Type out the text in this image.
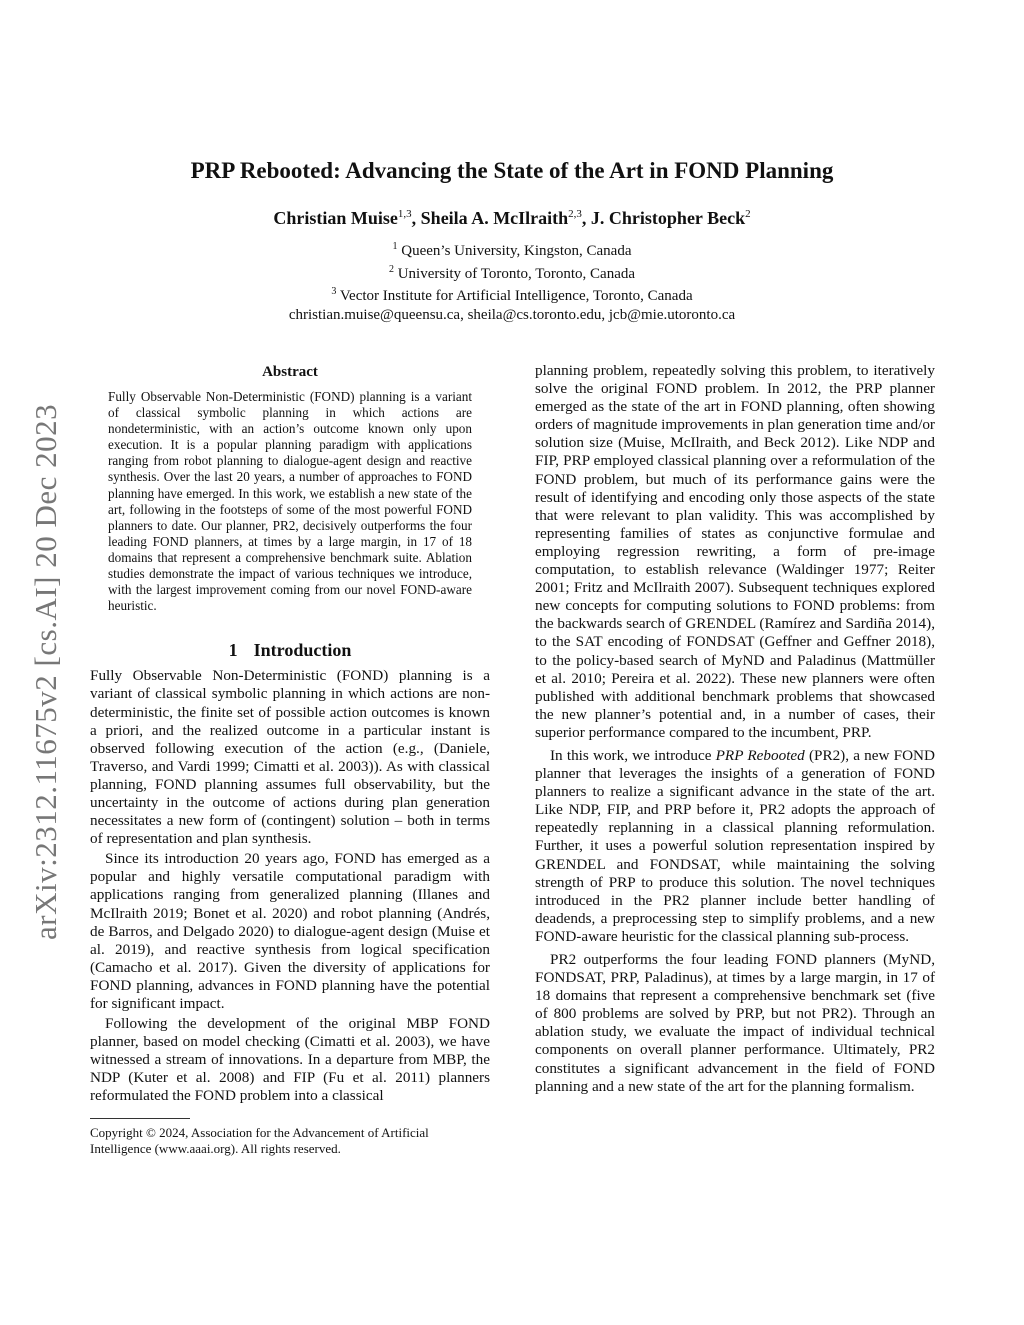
arXiv:2312.11675v2 [cs.AI] 20 Dec 2023
PRP Rebooted: Advancing the State of the Art in FOND Planning
Christian Muise$^{1,3}$, Sheila A. McIlraith$^{2,3}$, J. Christopher Beck$^2$
$^1$ Queen’s University, Kingston, Canada
$^2$ University of Toronto, Toronto, Canada
$^3$ Vector Institute for Artificial Intelligence, Toronto, Canada
christian.muise@queensu.ca, sheila@cs.toronto.edu, jcb@mie.utoronto.ca
Abstract
Fully Observable Non-Deterministic (FOND) planning is a variant of classical symbolic planning in which actions are nondeterministic, with an action’s outcome known only upon execution. It is a popular planning paradigm with applications ranging from robot planning to dialogue-agent design and reactive synthesis. Over the last 20 years, a number of approaches to FOND planning have emerged. In this work, we establish a new state of the art, following in the footsteps of some of the most powerful FOND planners to date. Our planner, PR2, decisively outperforms the four leading FOND planners, at times by a large margin, in 17 of 18 domains that represent a comprehensive benchmark suite. Ablation studies demonstrate the impact of various techniques we introduce, with the largest improvement coming from our novel FOND-aware heuristic.
1 Introduction

Fully Observable Non-Deterministic (FOND) planning is a variant of classical symbolic planning in which actions are non-deterministic, the finite set of possible action outcomes is known a priori, and the realized outcome in a particular instant is observed following execution of the action (e.g., (Daniele, Traverso, and Vardi 1999; Cimatti et al. 2003)). As with classical planning, FOND planning assumes full observability, but the uncertainty in the outcome of actions during plan generation necessitates a new form of (contingent) solution – both in terms of representation and plan synthesis.

Since its introduction 20 years ago, FOND has emerged as a popular and highly versatile computational paradigm with applications ranging from generalized planning (Illanes and McIlraith 2019; Bonet et al. 2020) and robot planning (Andrés, de Barros, and Delgado 2020) to dialogue-agent design (Muise et al. 2019), and reactive synthesis from logical specification (Camacho et al. 2017). Given the diversity of applications for FOND planning, advances in FOND planning have the potential for significant impact.

Following the development of the original MBP FOND planner, based on model checking (Cimatti et al. 2003), we have witnessed a stream of innovations. In a departure from MBP, the NDP (Kuter et al. 2008) and FIP (Fu et al. 2011) planners reformulated the FOND problem into a classical

Copyright © 2024, Association for the Advancement of Artificial Intelligence (www.aaai.org). All rights reserved.

planning problem, repeatedly solving this problem, to iteratively solve the original FOND problem. In 2012, the PRP planner emerged as the state of the art in FOND planning, often showing orders of magnitude improvements in plan generation time and/or solution size (Muise, McIlraith, and Beck 2012). Like NDP and FIP, PRP employed classical planning over a reformulation of the FOND problem, but much of its performance gains were the result of identifying and encoding only those aspects of the state that were relevant to plan validity. This was accomplished by representing families of states as conjunctive formulae and employing regression rewriting, a form of pre-image computation, to establish relevance (Waldinger 1977; Reiter 2001; Fritz and McIlraith 2007). Subsequent techniques explored new concepts for computing solutions to FOND problems: from the backwards search of GRENDEL (Ramírez and Sardiña 2014), to the SAT encoding of FONDSAT (Geffner and Geffner 2018), to the policy-based search of MyND and Paladinus (Mattmüller et al. 2010; Pereira et al. 2022). These new planners were often published with additional benchmark problems that showcased the new planner’s potential and, in a number of cases, their superior performance compared to the incumbent, PRP.

In this work, we introduce PRP Rebooted (PR2), a new FOND planner that leverages the insights of a generation of FOND planners to realize a significant advance in the state of the art. Like NDP, FIP, and PRP before it, PR2 adopts the approach of repeatedly replanning in a classical planning reformulation. Further, it uses a powerful solution representation inspired by GRENDEL and FONDSAT, while maintaining the solving strength of PRP to produce this solution. The novel techniques introduced in the PR2 planner include better handling of deadends, a preprocessing step to simplify problems, and a new FOND-aware heuristic for the classical planning sub-process.

PR2 outperforms the four leading FOND planners (MyND, FONDSAT, PRP, Paladinus), at times by a large margin, in 17 of 18 domains that represent a comprehensive benchmark set (five of 800 problems are solved by PRP, but not PR2). Through an ablation study, we evaluate the impact of individual technical components on overall planner performance. Ultimately, PR2 constitutes a significant advancement in the field of FOND planning and a new state of the art for the planning formalism.
